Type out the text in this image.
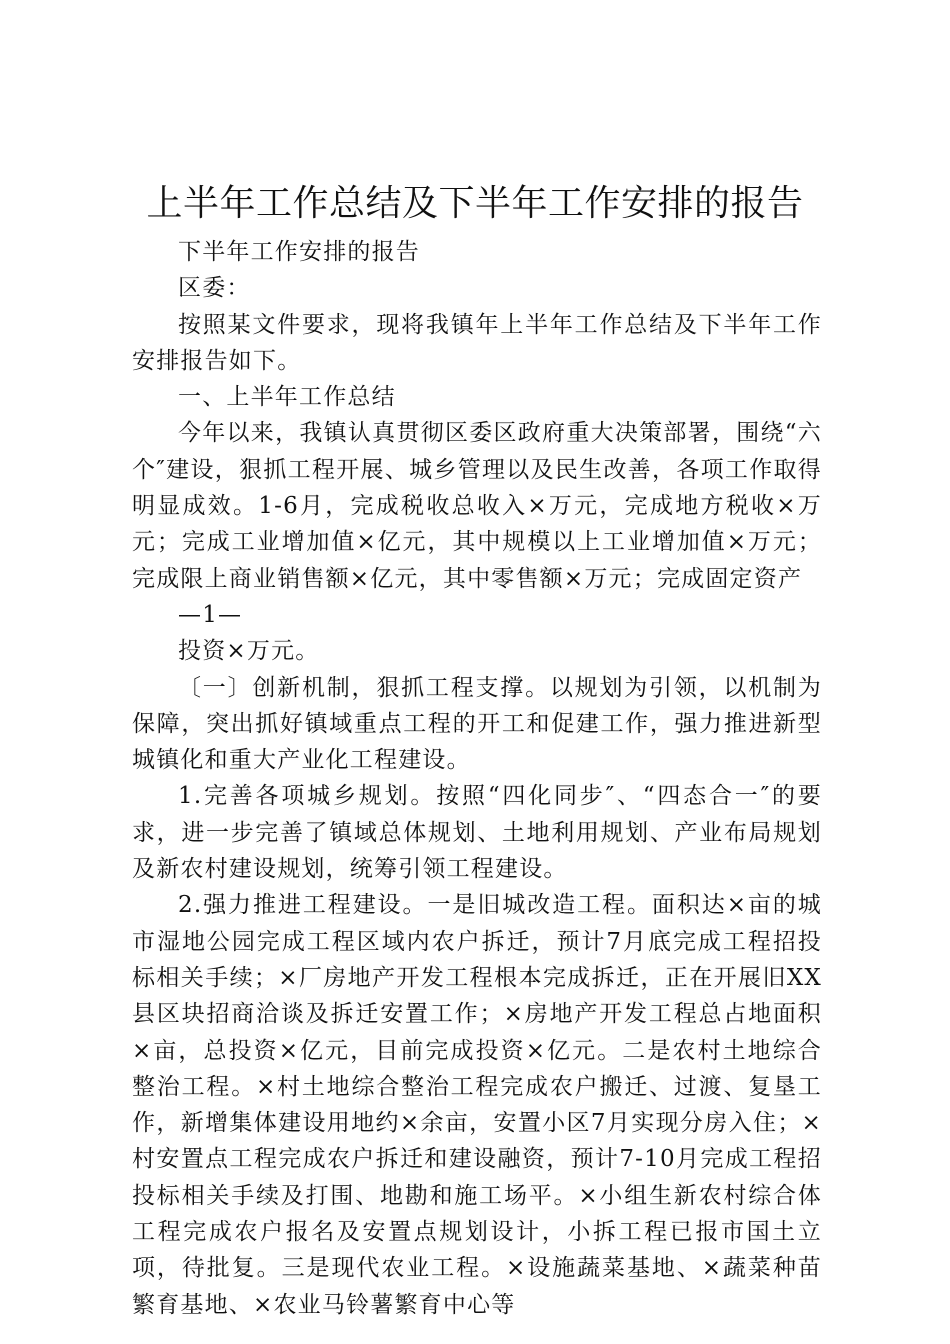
上半年工作总结及下半年工作安排的报告

下半年工作安排的报告

区委：

按照某文件要求，现将我镇年上半年工作总结及下半年工作安排报告如下。

一、上半年工作总结

今年以来，我镇认真贯彻区委区政府重大决策部署，围绕“六个″建设，狠抓工程开展、城乡管理以及民生改善，各项工作取得明显成效。1-6月，完成税收总收入×万元，完成地方税收×万元；完成工业增加值×亿元，其中规模以上工业增加值×万元；完成限上商业销售额×亿元，其中零售额×万元；完成固定资产

—1—

投资×万元。

〔一〕创新机制，狠抓工程支撑。以规划为引领，以机制为保障，突出抓好镇域重点工程的开工和促建工作，强力推进新型城镇化和重大产业化工程建设。

1.完善各项城乡规划。按照“四化同步″、“四态合一″的要求，进一步完善了镇域总体规划、土地利用规划、产业布局规划及新农村建设规划，统筹引领工程建设。

2.强力推进工程建设。一是旧城改造工程。面积达×亩的城市湿地公园完成工程区域内农户拆迁，预计7月底完成工程招投标相关手续；×厂房地产开发工程根本完成拆迁，正在开展旧XX县区块招商洽谈及拆迁安置工作；×房地产开发工程总占地面积×亩，总投资×亿元，目前完成投资×亿元。二是农村土地综合整治工程。×村土地综合整治工程完成农户搬迁、过渡、复垦工作，新增集体建设用地约×余亩，安置小区7月实现分房入住；×村安置点工程完成农户拆迁和建设融资，预计7-10月完成工程招投标相关手续及打围、地勘和施工场平。×小组生新农村综合体工程完成农户报名及安置点规划设计，小拆工程已报市国土立项，待批复。三是现代农业工程。×设施蔬菜基地、×蔬菜种苗繁育基地、×农业马铃薯繁育中心等
